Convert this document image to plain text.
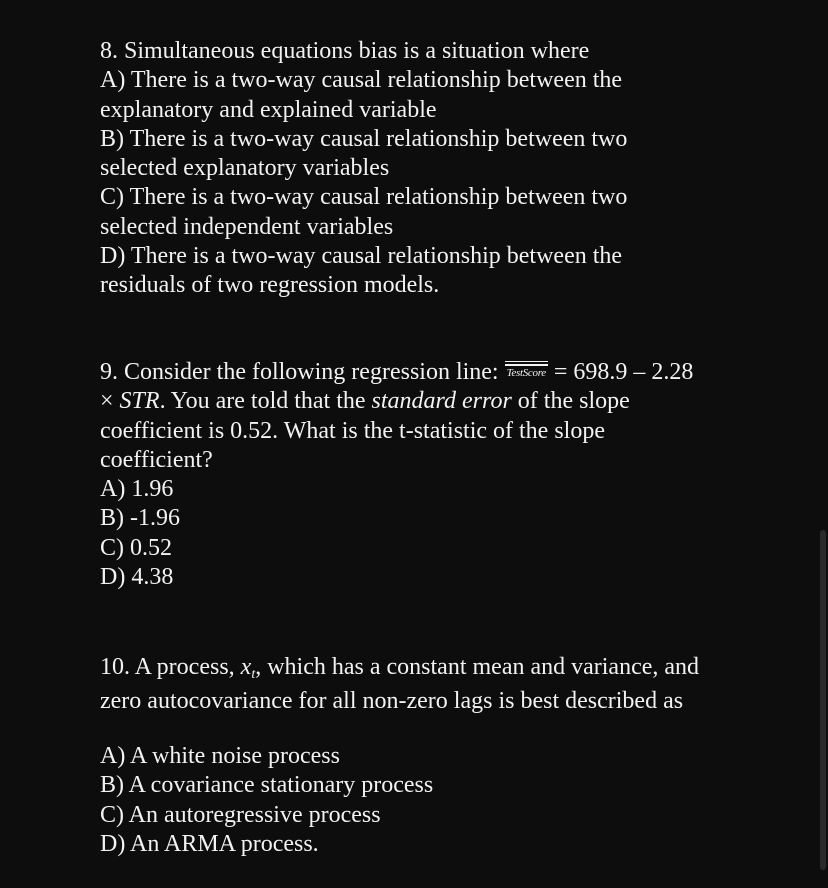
8. Simultaneous equations bias is a situation where
A) There is a two-way causal relationship between the
explanatory and explained variable
B) There is a two-way causal relationship between two
selected explanatory variables
C) There is a two-way causal relationship between two
selected independent variables
D) There is a two-way causal relationship between the
residuals of two regression models.
9. Consider the following regression line: TestScore = 698.9 – 2.28
× STR. You are told that the standard error of the slope
coefficient is 0.52. What is the t-statistic of the slope
coefficient?
A) 1.96
B) -1.96
C) 0.52
D) 4.38
10. A process, $x_t$, which has a constant mean and variance, and
zero autocovariance for all non-zero lags is best described as
A) A white noise process
B) A covariance stationary process
C) An autoregressive process
D) An ARMA process.
